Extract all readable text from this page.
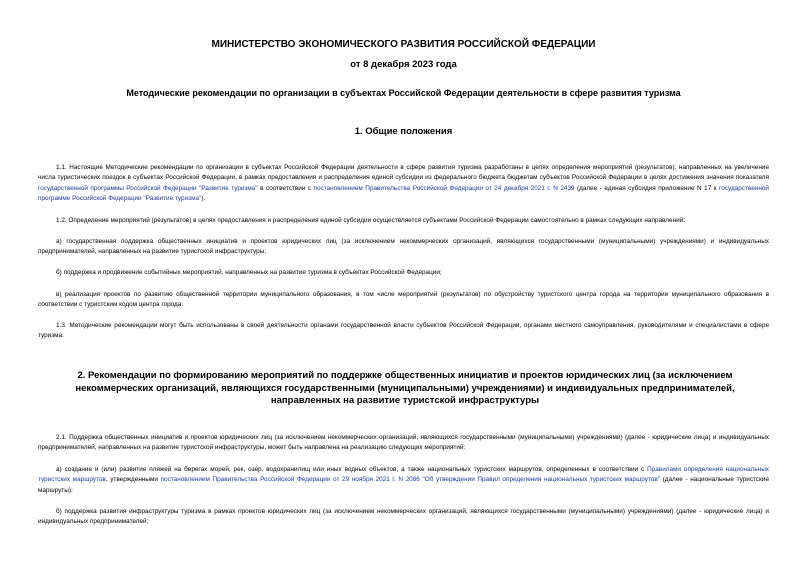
МИНИСТЕРСТВО ЭКОНОМИЧЕСКОГО РАЗВИТИЯ РОССИЙСКОЙ ФЕДЕРАЦИИ
от 8 декабря 2023 года
Методические рекомендации по организации в субъектах Российской Федерации деятельности в сфере развития туризма
1. Общие положения

1.1. Настоящие Методические рекомендации по организации в субъектах Российской Федерации деятельности в сфере развития туризма разработаны в целях определения мероприятий (результатов), направленных на увеличение числа туристических поездок в субъектах Российской Федерации, в рамках предоставления и распределения единой субсидии из федерального бюджета бюджетам субъектов Российской Федерации в целях достижения значения показателя государственной программы Российской Федерации "Развитие туризма" в соответствии с постановлением Правительства Российской Федерации от 24 декабря 2021 г. N 2439 (далее - единая субсидия приложение N 17 к государственной программе Российской Федерации "Развитие туризма").

1.2. Определение мероприятий (результатов) в целях предоставления и распределения единой субсидии осуществляется субъектами Российской Федерации самостоятельно в рамках следующих направлений:

а) государственная поддержка общественных инициатив и проектов юридических лиц (за исключением некоммерческих организаций, являющихся государственными (муниципальными) учреждениями) и индивидуальных предпринимателей, направленных на развитие туристской инфраструктуры;

б) поддержка и продвижение событийных мероприятий, направленных на развитие туризма в субъектах Российской Федерации;

в) реализация проектов по развитию общественной территории муниципального образования, в том числе мероприятий (результатов) по обустройству туристского центра города на территории муниципального образования в соответствии с туристским кодом центра города.

1.3. Методические рекомендации могут быть использованы в своей деятельности органами государственной власти субъектов Российской Федерации, органами местного самоуправления, руководителями и специалистами в сфере туризма.

2. Рекомендации по формированию мероприятий по поддержке общественных инициатив и проектов юридических лиц (за исключением некоммерческих организаций, являющихся государственными (муниципальными) учреждениями) и индивидуальных предпринимателей, направленных на развитие туристской инфраструктуры

2.1. Поддержка общественных инициатив и проектов юридических лиц (за исключением некоммерческих организаций, являющихся государственными (муниципальными) учреждениями) (далее - юридические лица) и индивидуальных предпринимателей, направленных на развитие туристской инфраструктуры, может быть направлена на реализацию следующих мероприятий:

а) создание и (или) развитие пляжей на берегах морей, рек, озер, водохранилищ или иных водных объектов, а также национальных туристских маршрутов, определенных в соответствии с Правилами определения национальных туристских маршрутов, утвержденными постановлением Правительства Российской Федерации от 29 ноября 2021 г. N 2086 "Об утверждении Правил определения национальных туристских маршрутов" (далее - национальные туристские маршруты);

б) поддержка развития инфраструктуры туризма в рамках проектов юридических лиц (за исключением некоммерческих организаций, являющихся государственными (муниципальными) учреждениями) (далее - юридические лица) и индивидуальных предпринимателей;
